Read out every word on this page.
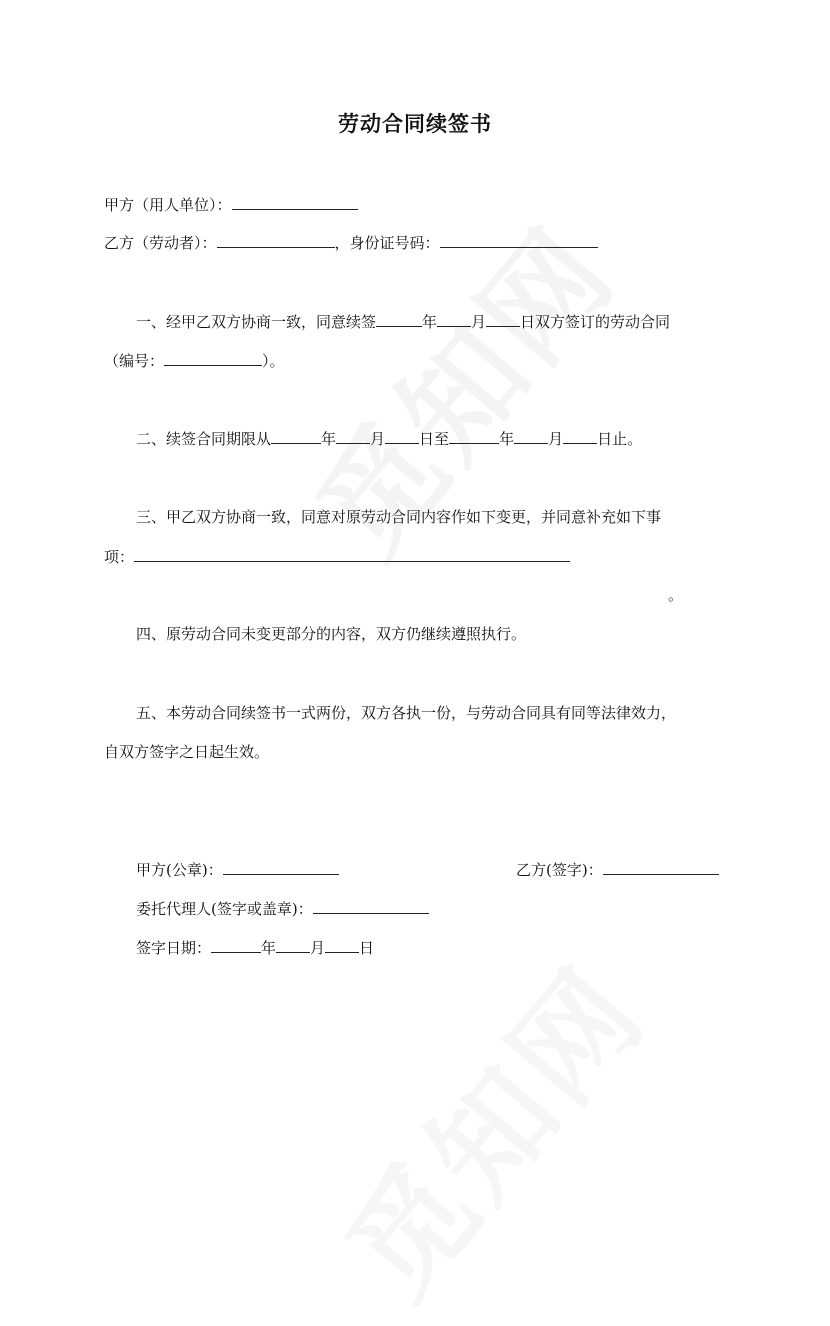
劳动合同续签书
甲方（用人单位）：
乙方（劳动者）：	，身份证号码：
一、经甲乙双方协商一致，同意续签	年 月 日双方签订的劳动合同
（编号：	）。
二、续签合同期限从	年 月 日至	年 月 日止。
三、甲乙双方协商一致，同意对原劳动合同内容作如下变更，并同意补充如下事
项：
。
四、原劳动合同未变更部分的内容，双方仍继续遵照执行。
五、本劳动合同续签书一式两份，双方各执一份，与劳动合同具有同等法律效力，
自双方签字之日起生效。
甲方(公章)：	乙方(签字)：
委托代理人(签字或盖章)：
签字日期：	年 月 日
